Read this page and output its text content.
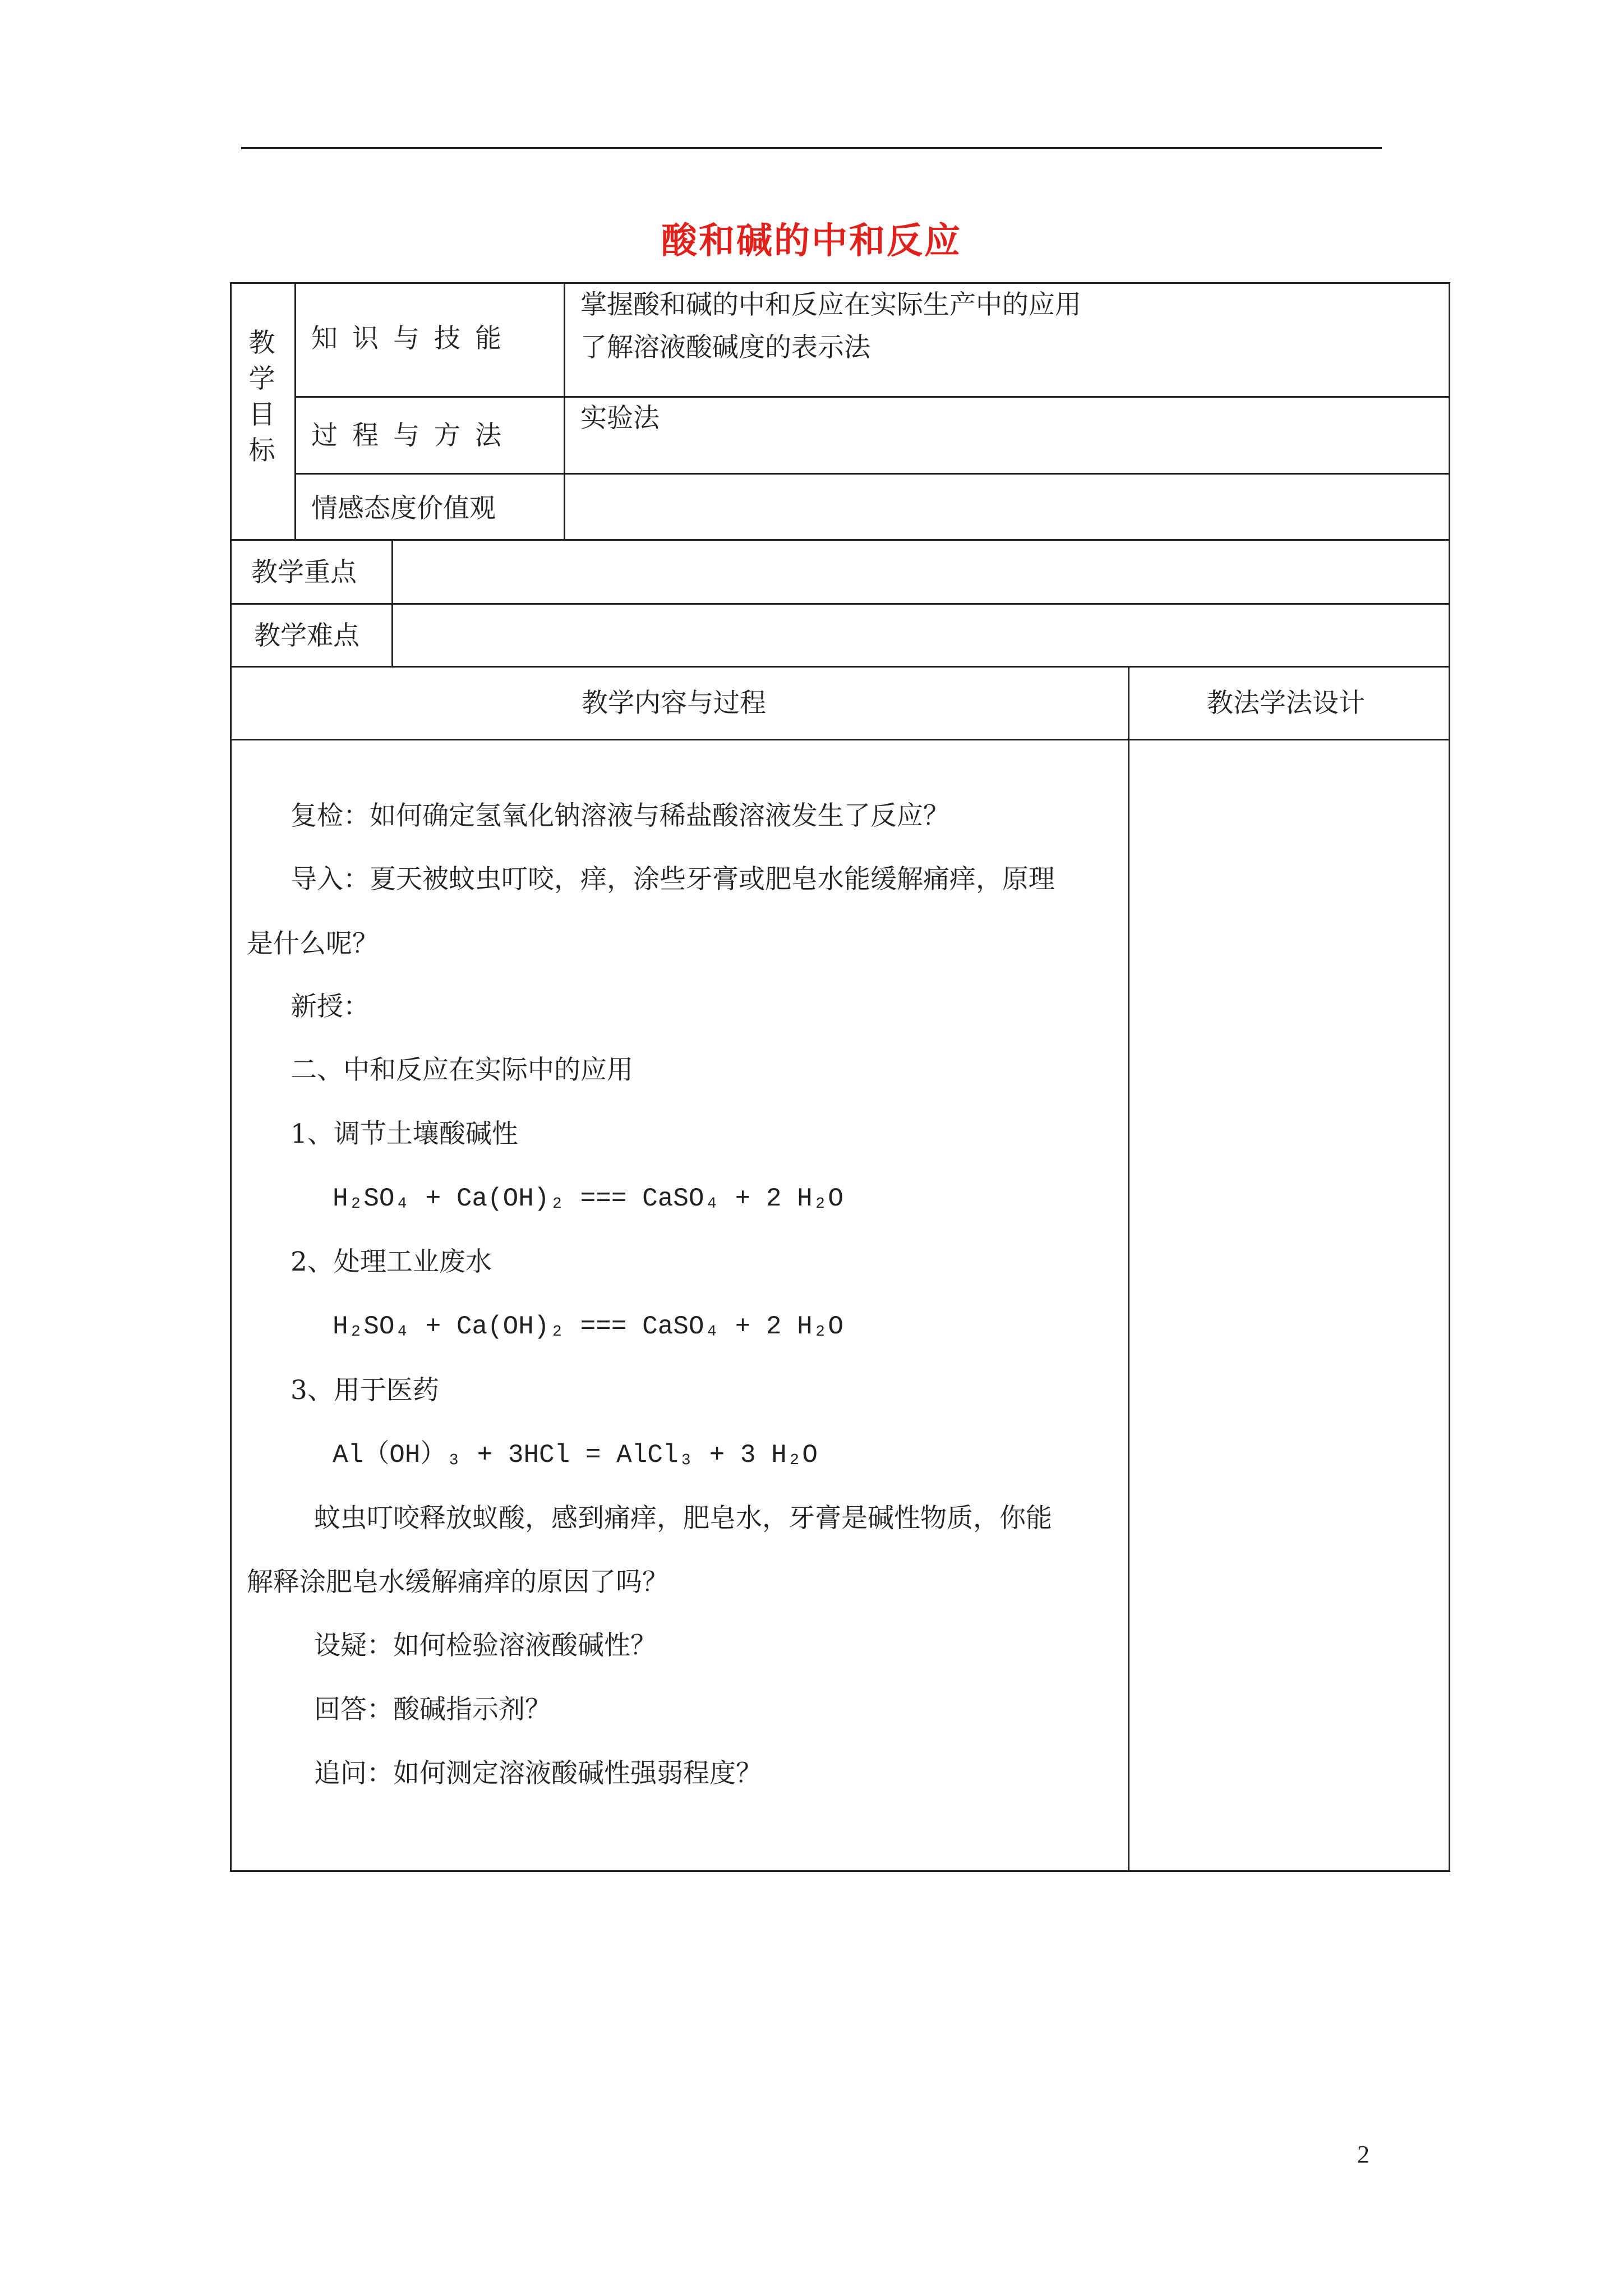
酸和碱的中和反应
教学目标
知识与技能
掌握酸和碱的中和反应在实际生产中的应用
了解溶液酸碱度的表示法
过程与方法
实验法
情感态度价值观
教学重点
教学难点
教学内容与过程	教法学法设计
复检：如何确定氢氧化钠溶液与稀盐酸溶液发生了反应？
导入：夏天被蚊虫叮咬，痒，涂些牙膏或肥皂水能缓解痛痒，原理
是什么呢？
新授：
二、中和反应在实际中的应用
1、调节土壤酸碱性
H₂SO₄ + Ca(OH)₂ === CaSO₄ + 2 H₂O
2、处理工业废水
H₂SO₄ + Ca(OH)₂ === CaSO₄ + 2 H₂O
3、用于医药
Al（OH）₃ + 3HCl = AlCl₃ + 3 H₂O
蚊虫叮咬释放蚁酸，感到痛痒，肥皂水，牙膏是碱性物质，你能
解释涂肥皂水缓解痛痒的原因了吗？
设疑：如何检验溶液酸碱性？
回答：酸碱指示剂？
追问：如何测定溶液酸碱性强弱程度？
2
